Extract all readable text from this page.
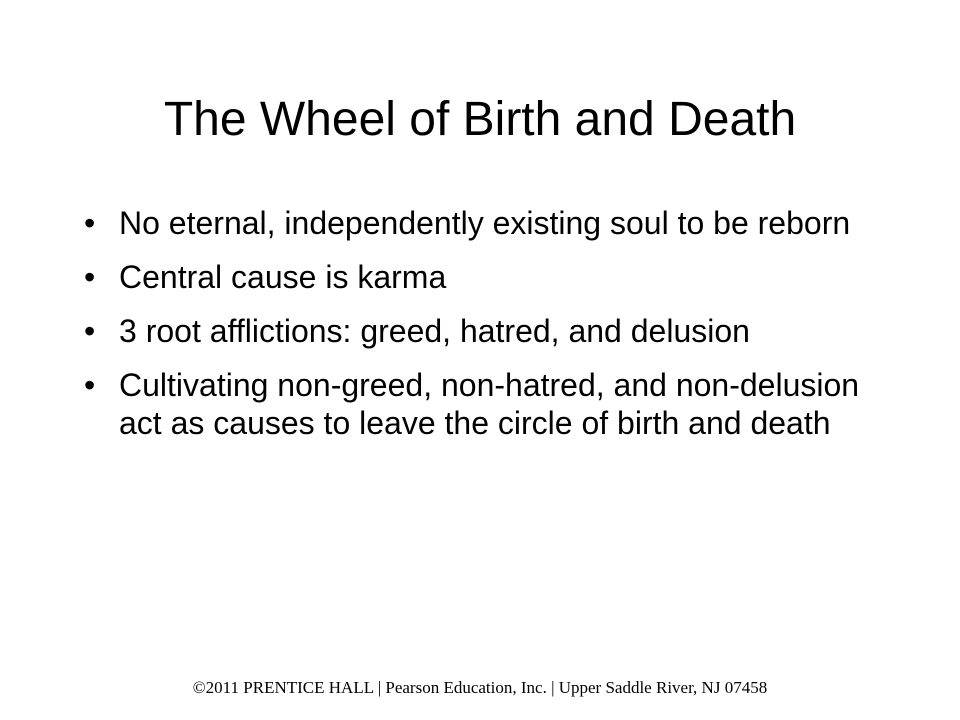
The Wheel of Birth and Death
• No eternal, independently existing soul to be reborn
• Central cause is karma
• 3 root afflictions: greed, hatred, and delusion
• Cultivating non-greed, non-hatred, and non-delusion act as causes to leave the circle of birth and death
©2011 PRENTICE HALL | Pearson Education, Inc. | Upper Saddle River, NJ 07458
